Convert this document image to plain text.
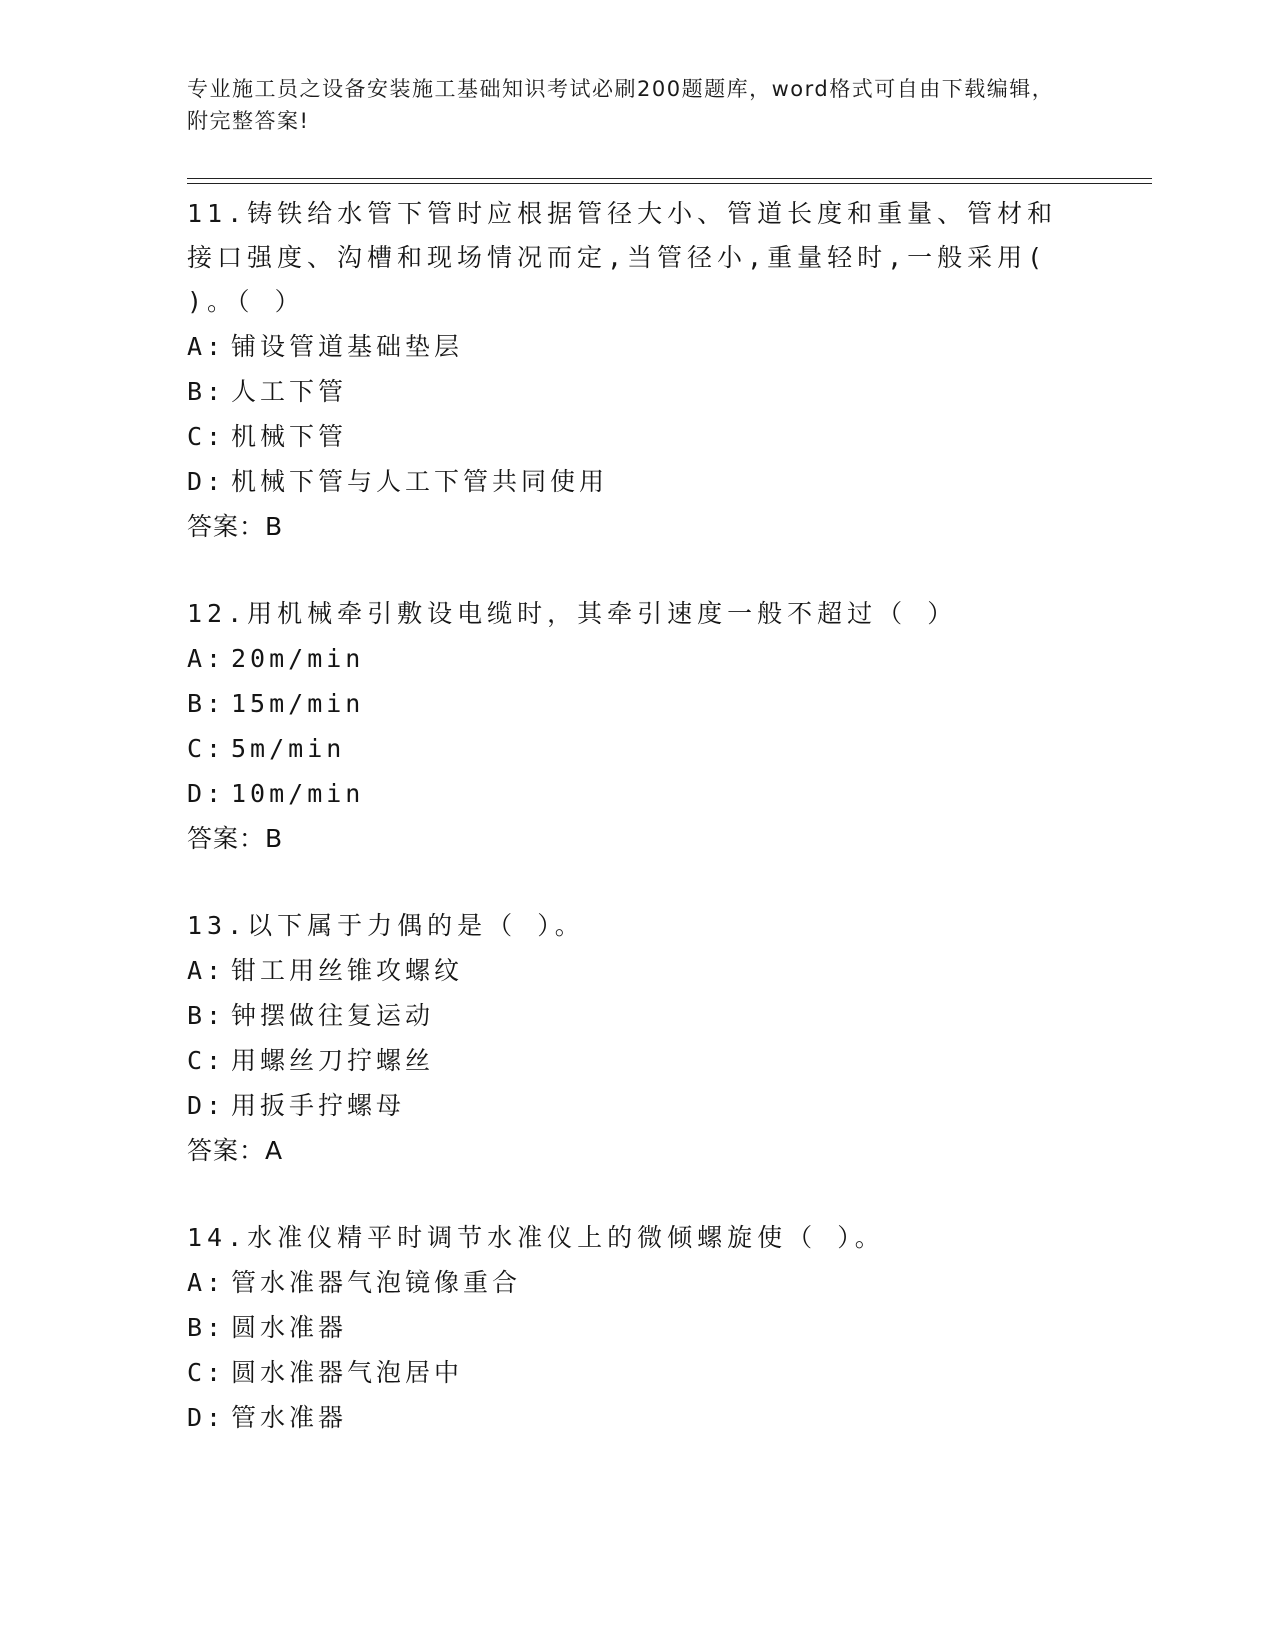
专业施工员之设备安装施工基础知识考试必刷200题题库，word格式可自由下载编辑，附完整答案!
11.铸铁给水管下管时应根据管径大小、管道长度和重量、管材和接口强度、沟槽和现场情况而定,当管径小,重量轻时,一般采用( )。（ ）
A: 铺设管道基础垫层
B: 人工下管
C: 机械下管
D: 机械下管与人工下管共同使用
答案：B
12.用机械牵引敷设电缆时，其牵引速度一般不超过（ ）
A: 20m/min
B: 15m/min
C: 5m/min
D: 10m/min
答案：B
13.以下属于力偶的是（ ）。
A: 钳工用丝锥攻螺纹
B: 钟摆做往复运动
C: 用螺丝刀拧螺丝
D: 用扳手拧螺母
答案：A
14.水准仪精平时调节水准仪上的微倾螺旋使（ ）。
A: 管水准器气泡镜像重合
B: 圆水准器
C: 圆水准器气泡居中
D: 管水准器
